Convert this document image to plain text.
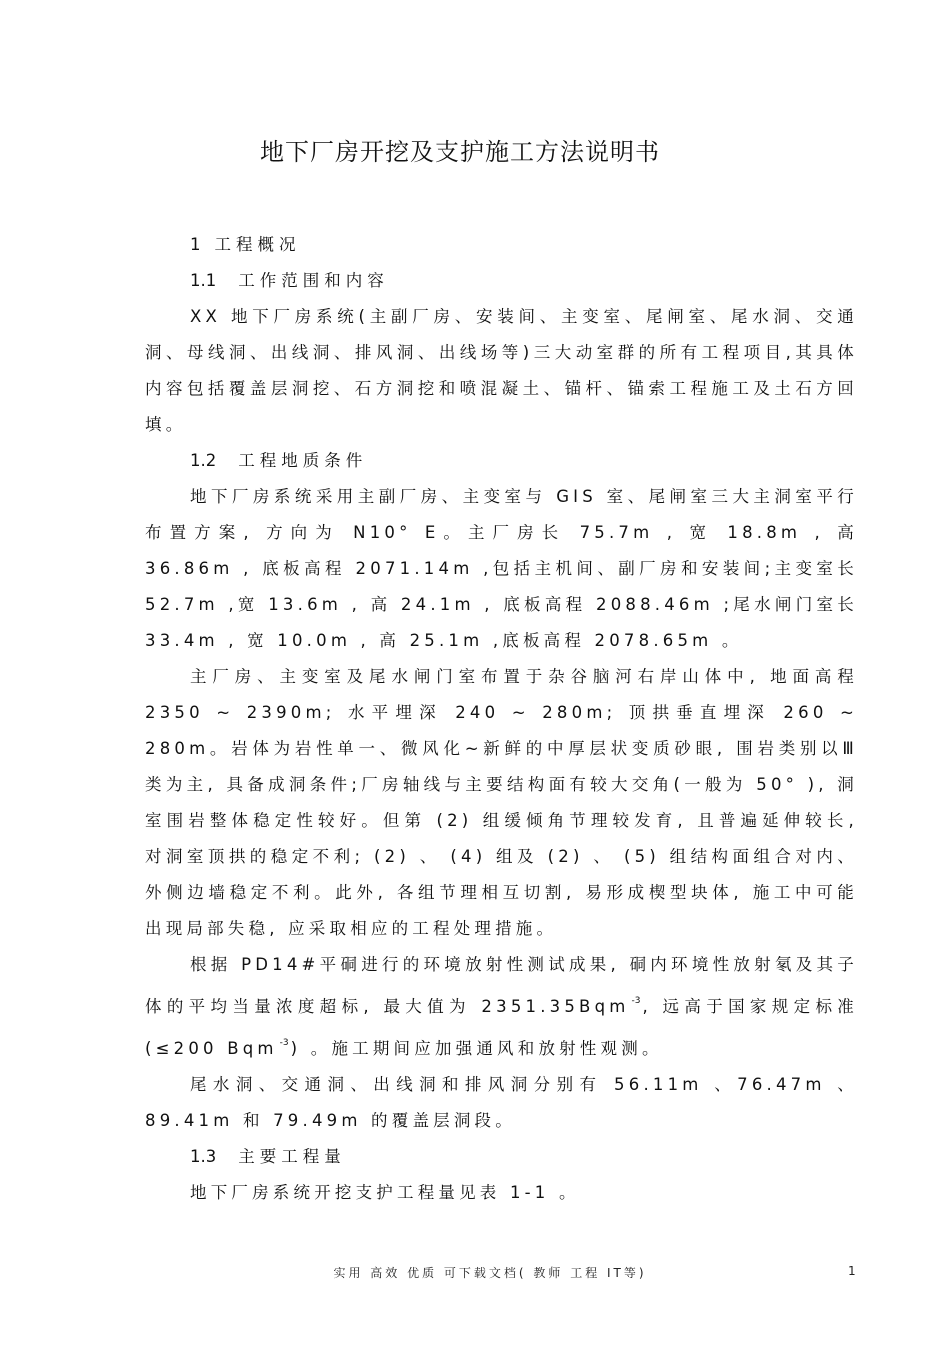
地下厂房开挖及支护施工方法说明书

1 工程概况

1.1 工作范围和内容

XX 地下厂房系统(主副厂房、安装间、主变室、尾闸室、尾水洞、交通洞、母线洞、出线洞、排风洞、出线场等)三大动室群的所有工程项目,其具体内容包括覆盖层洞挖、石方洞挖和喷混凝土、锚杆、锚索工程施工及土石方回填。

1.2 工程地质条件

地下厂房系统采用主副厂房、主变室与 GIS 室、尾闸室三大主洞室平行布置方案, 方向为 N10° E。主厂房长 75.7m , 宽 18.8m , 高 36.86m , 底板高程 2071.14m ,包括主机间、副厂房和安装间;主变室长 52.7m ,宽 13.6m , 高 24.1m , 底板高程 2088.46m ;尾水闸门室长 33.4m , 宽 10.0m , 高 25.1m ,底板高程 2078.65m 。

主厂房、主变室及尾水闸门室布置于杂谷脑河右岸山体中, 地面高程 2350 ~ 2390m; 水平埋深 240 ~ 280m; 顶拱垂直埋深 260 ~ 280m。岩体为岩性单一、微风化~新鲜的中厚层状变质砂眼, 围岩类别以Ⅲ类为主, 具备成洞条件;厂房轴线与主要结构面有较大交角(一般为 50° ), 洞室围岩整体稳定性较好。但第 (2) 组缓倾角节理较发育, 且普遍延伸较长, 对洞室顶拱的稳定不利; (2) 、 (4) 组及 (2) 、 (5) 组结构面组合对内、外侧边墙稳定不利。此外, 各组节理相互切割, 易形成楔型块体, 施工中可能出现局部失稳, 应采取相应的工程处理措施。

根据 PD14#平硐进行的环境放射性测试成果, 硐内环境性放射氡及其子体的平均当量浓度超标, 最大值为 2351.35Bqm $^{-3}$ , 远高于国家规定标准 (≤200 Bqm $^{-3}$ ) 。施工期间应加强通风和放射性观测。

尾水洞、交通洞、出线洞和排风洞分别有 56.11m 、76.47m 、89.41m 和 79.49m 的覆盖层洞段。

1.3 主要工程量

地下厂房系统开挖支护工程量见表 1-1 。

实用 高效 优质 可下载文档( 教师 工程 IT等)	1
